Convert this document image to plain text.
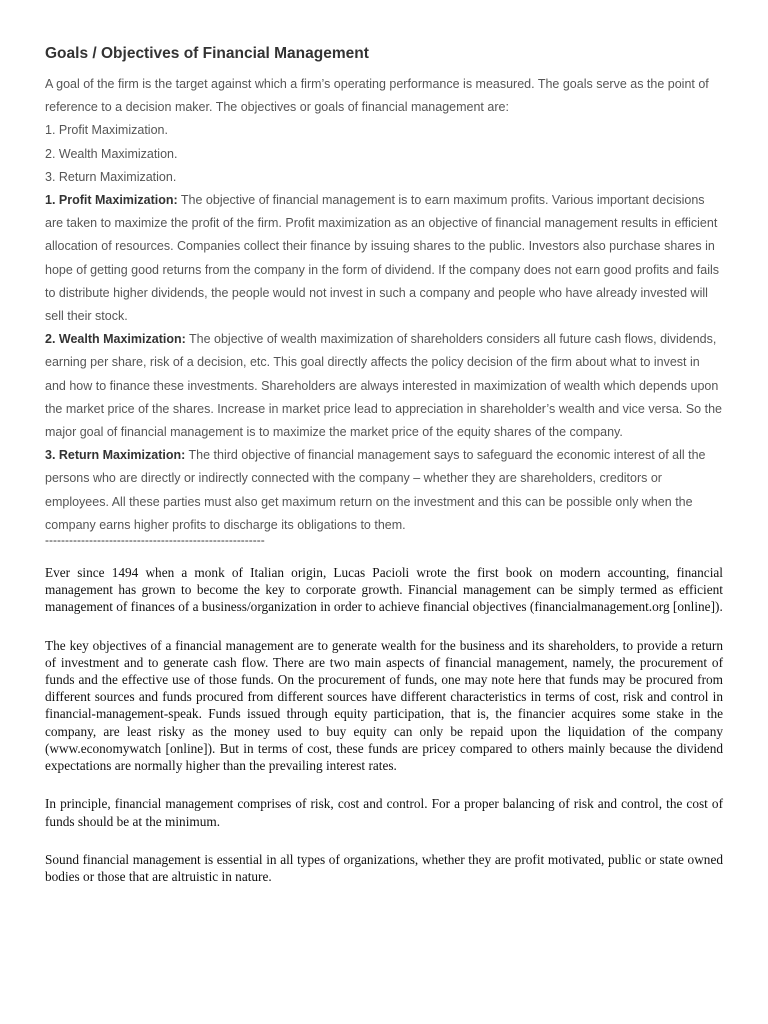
Goals / Objectives of Financial Management

A goal of the firm is the target against which a firm’s operating performance is measured. The goals serve as the point of reference to a decision maker. The objectives or goals of financial management are:

1. Profit Maximization.

2. Wealth Maximization.

3. Return Maximization.

1. Profit Maximization: The objective of financial management is to earn maximum profits. Various important decisions are taken to maximize the profit of the firm. Profit maximization as an objective of financial management results in efficient allocation of resources. Companies collect their finance by issuing shares to the public. Investors also purchase shares in hope of getting good returns from the company in the form of dividend. If the company does not earn good profits and fails to distribute higher dividends, the people would not invest in such a company and people who have already invested will sell their stock.

2. Wealth Maximization: The objective of wealth maximization of shareholders considers all future cash flows, dividends, earning per share, risk of a decision, etc. This goal directly affects the policy decision of the firm about what to invest in and how to finance these investments. Shareholders are always interested in maximization of wealth which depends upon the market price of the shares. Increase in market price lead to appreciation in shareholder’s wealth and vice versa. So the major goal of financial management is to maximize the market price of the equity shares of the company.

3. Return Maximization: The third objective of financial management says to safeguard the economic interest of all the persons who are directly or indirectly connected with the company – whether they are shareholders, creditors or employees. All these parties must also get maximum return on the investment and this can be possible only when the company earns higher profits to discharge its obligations to them.

-------------------------------------------------------

Ever since 1494 when a monk of Italian origin, Lucas Pacioli wrote the first book on modern accounting, financial management has grown to become the key to corporate growth. Financial management can be simply termed as efficient management of finances of a business/organization in order to achieve financial objectives (financialmanagement.org [online]).

The key objectives of a financial management are to generate wealth for the business and its shareholders, to provide a return of investment and to generate cash flow. There are two main aspects of financial management, namely, the procurement of funds and the effective use of those funds. On the procurement of funds, one may note here that funds may be procured from different sources and funds procured from different sources have different characteristics in terms of cost, risk and control in financial-management-speak. Funds issued through equity participation, that is, the financier acquires some stake in the company, are least risky as the money used to buy equity can only be repaid upon the liquidation of the company (www.economywatch [online]). But in terms of cost, these funds are pricey compared to others mainly because the dividend expectations are normally higher than the prevailing interest rates.

In principle, financial management comprises of risk, cost and control. For a proper balancing of risk and control, the cost of funds should be at the minimum.

Sound financial management is essential in all types of organizations, whether they are profit motivated, public or state owned bodies or those that are altruistic in nature.
